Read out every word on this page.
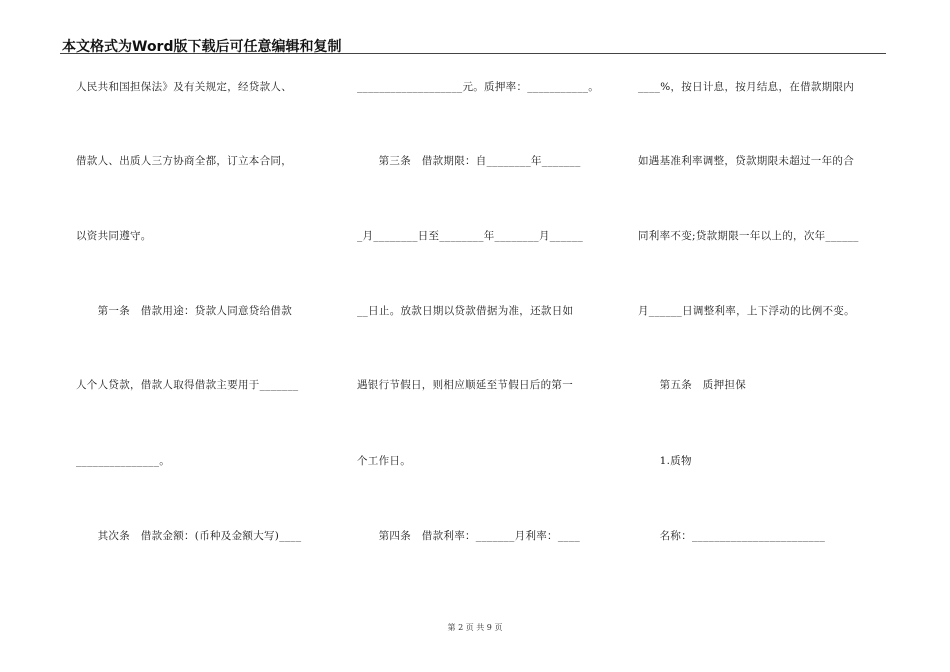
本文格式为Word版下载后可任意编辑和复制
人民共和国担保法》及有关规定，经贷款人、
借款人、出质人三方协商全都，订立本合同，
以资共同遵守。
　　第一条　借款用途：贷款人同意贷给借款
人个人贷款，借款人取得借款主要用于_______
_______________。
　　其次条　借款金额：(币种及金额大写)____
___________________元。质押率：___________。
　　第三条　借款期限：自________年_______
_月________日至________年________月______
__日止。放款日期以贷款借据为准，还款日如
遇银行节假日，则相应顺延至节假日后的第一
个工作日。
　　第四条　借款利率：_______月利率：____
____%，按日计息，按月结息，在借款期限内
如遇基准利率调整，贷款期限未超过一年的合
同利率不变;贷款期限一年以上的，次年______
月______日调整利率，上下浮动的比例不变。
　　第五条　质押担保
　　1.质物
　　名称：________________________
第 2 页 共 9 页
